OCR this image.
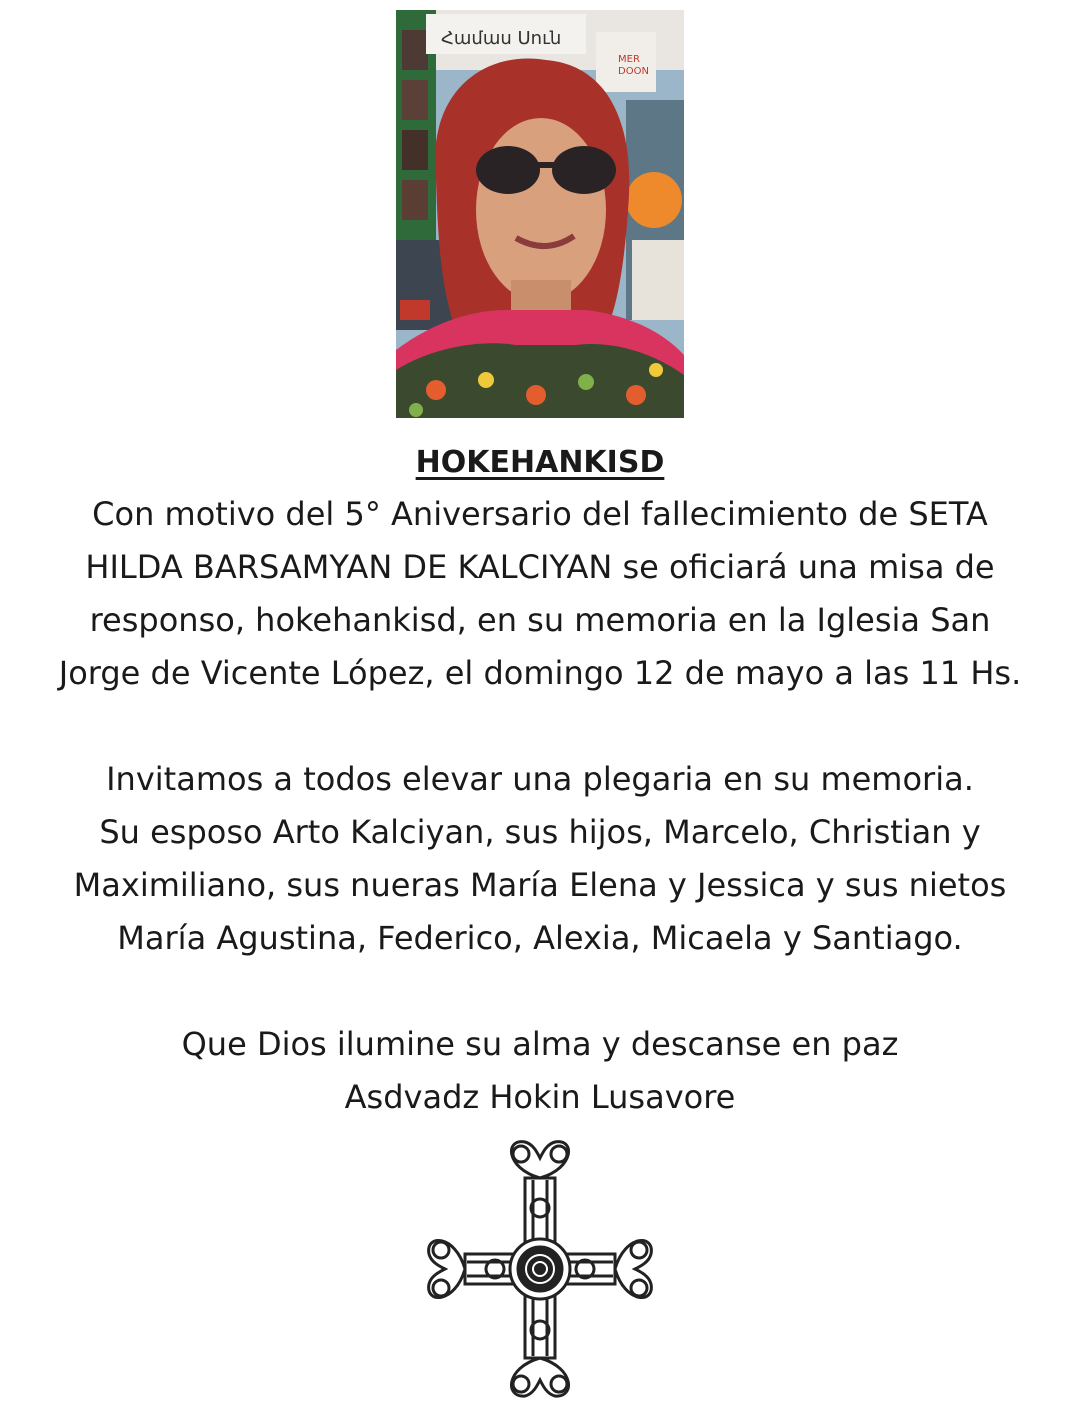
Համաս Սուն
MER
DOON
HOKEHANKISD
Con motivo del 5° Aniversario del fallecimiento de SETA
HILDA BARSAMYAN DE KALCIYAN se oficiará una misa de
responso, hokehankisd, en su memoria en la Iglesia San
Jorge de Vicente López, el domingo 12 de mayo a las 11 Hs.
Invitamos a todos elevar una plegaria en su memoria.
Su esposo Arto Kalciyan, sus hijos, Marcelo, Christian y
Maximiliano, sus nueras María Elena y Jessica y sus nietos
María Agustina, Federico, Alexia, Micaela y Santiago.
Que Dios ilumine su alma y descanse en paz
Asdvadz Hokin Lusavore
